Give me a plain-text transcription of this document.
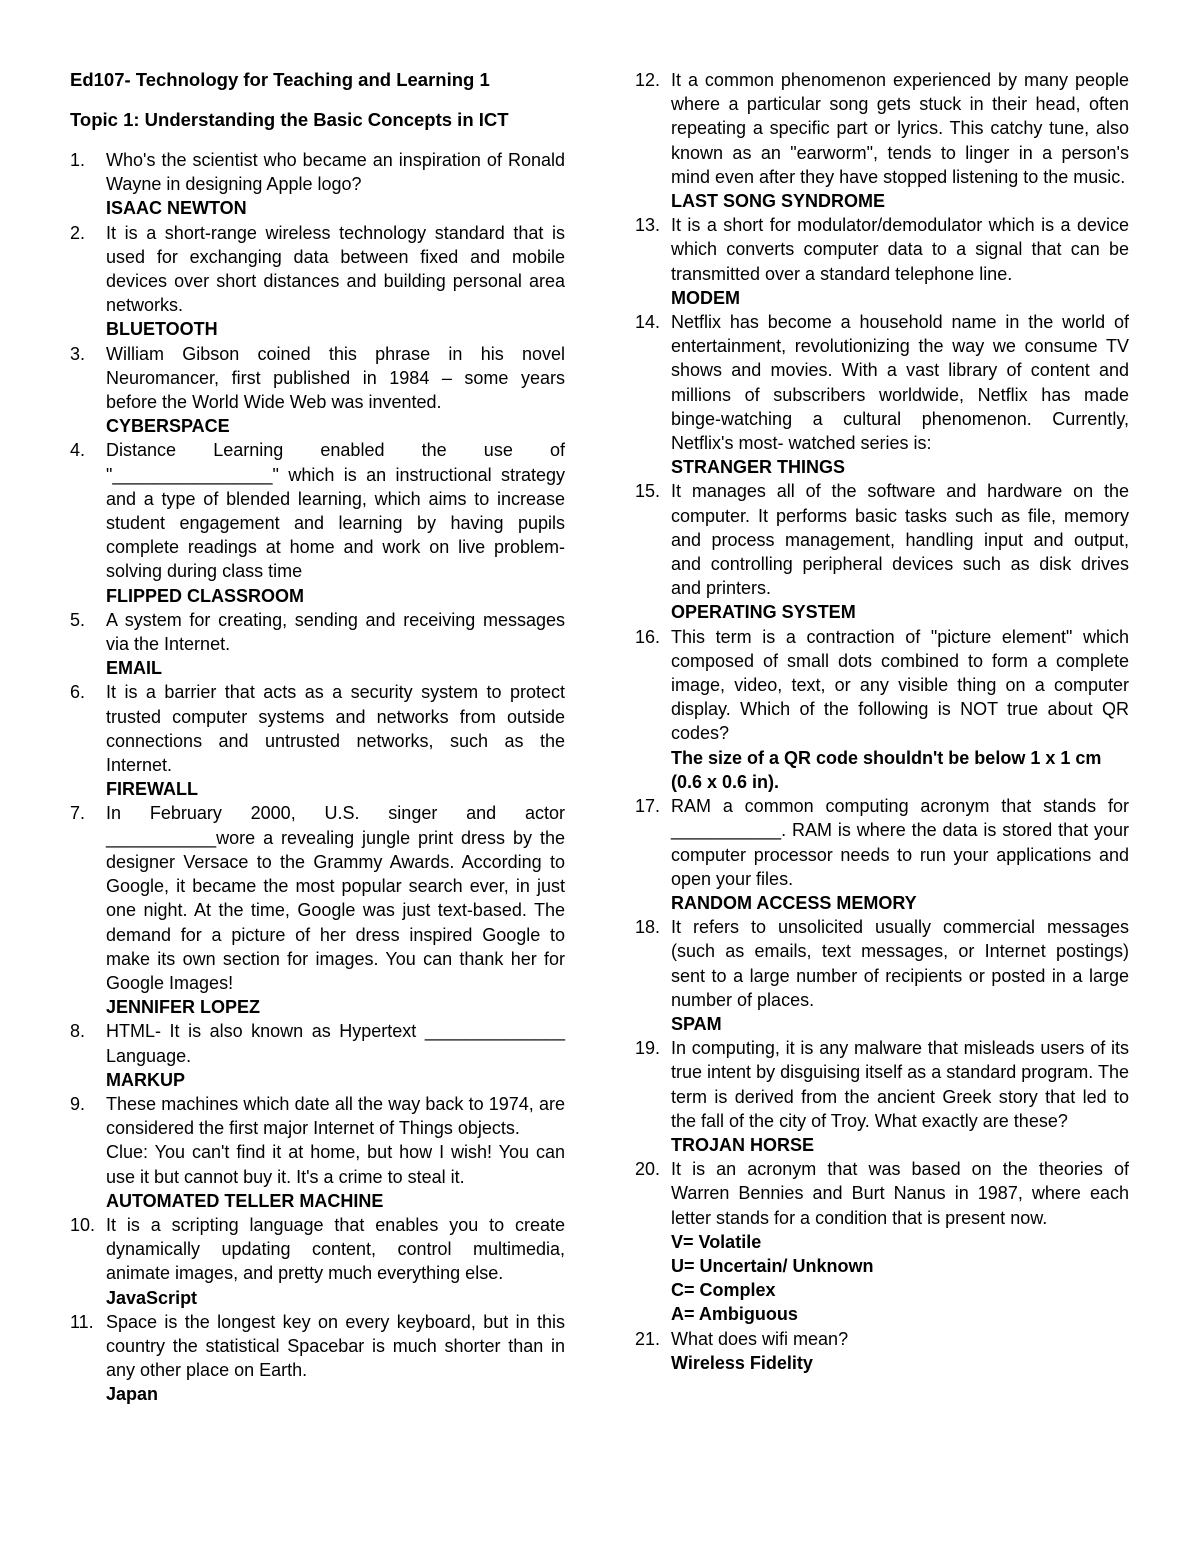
Ed107- Technology for Teaching and Learning 1

Topic 1: Understanding the Basic Concepts in ICT

1.	Who's the scientist who became an inspiration of Ronald Wayne in designing Apple logo?
ISAAC NEWTON
2.	It is a short-range wireless technology standard that is used for exchanging data between fixed and mobile devices over short distances and building personal area networks.
BLUETOOTH
3.	William Gibson coined this phrase in his novel Neuromancer, first published in 1984 – some years before the World Wide Web was invented.
CYBERSPACE
4.	Distance Learning enabled the use of "________________" which is an instructional strategy and a type of blended learning, which aims to increase student engagement and learning by having pupils complete readings at home and work on live problem-solving during class time
FLIPPED CLASSROOM
5.	A system for creating, sending and receiving messages via the Internet.
EMAIL
6.	It is a barrier that acts as a security system to protect trusted computer systems and networks from outside connections and untrusted networks, such as the Internet.
FIREWALL
7.	In February 2000, U.S. singer and actor ___________wore a revealing jungle print dress by the designer Versace to the Grammy Awards. According to Google, it became the most popular search ever, in just one night. At the time, Google was just text-based. The demand for a picture of her dress inspired Google to make its own section for images. You can thank her for Google Images!
JENNIFER LOPEZ
8.	HTML- It is also known as Hypertext ______________ Language.
MARKUP
9.	These machines which date all the way back to 1974, are considered the first major Internet of Things objects.
Clue: You can't find it at home, but how I wish! You can use it but cannot buy it. It's a crime to steal it.
AUTOMATED TELLER MACHINE
10. It is a scripting language that enables you to create dynamically updating content, control multimedia, animate images, and pretty much everything else.
JavaScript
11. Space is the longest key on every keyboard, but in this country the statistical Spacebar is much shorter than in any other place on Earth.
Japan
12. It a common phenomenon experienced by many people where a particular song gets stuck in their head, often repeating a specific part or lyrics. This catchy tune, also known as an "earworm", tends to linger in a person's mind even after they have stopped listening to the music.
LAST SONG SYNDROME
13. It is a short for modulator/demodulator which is a device which converts computer data to a signal that can be transmitted over a standard telephone line.
MODEM
14. Netflix has become a household name in the world of entertainment, revolutionizing the way we consume TV shows and movies. With a vast library of content and millions of subscribers worldwide, Netflix has made binge-watching a cultural phenomenon. Currently, Netflix's most- watched series is:
STRANGER THINGS
15. It manages all of the software and hardware on the computer. It performs basic tasks such as file, memory and process management, handling input and output, and controlling peripheral devices such as disk drives and printers.
OPERATING SYSTEM
16. This term is a contraction of "picture element" which composed of small dots combined to form a complete image, video, text, or any visible thing on a computer display. Which of the following is NOT true about QR codes?
The size of a QR code shouldn't be below 1 x 1 cm (0.6 x 0.6 in).
17. RAM a common computing acronym that stands for ___________. RAM is where the data is stored that your computer processor needs to run your applications and open your files.
RANDOM ACCESS MEMORY
18. It refers to unsolicited usually commercial messages (such as emails, text messages, or Internet postings) sent to a large number of recipients or posted in a large number of places.
SPAM
19. In computing, it is any malware that misleads users of its true intent by disguising itself as a standard program. The term is derived from the ancient Greek story that led to the fall of the city of Troy. What exactly are these?
TROJAN HORSE
20. It is an acronym that was based on the theories of Warren Bennies and Burt Nanus in 1987, where each letter stands for a condition that is present now.
V= Volatile
U= Uncertain/ Unknown
C= Complex
A= Ambiguous
21. What does wifi mean?
Wireless Fidelity
